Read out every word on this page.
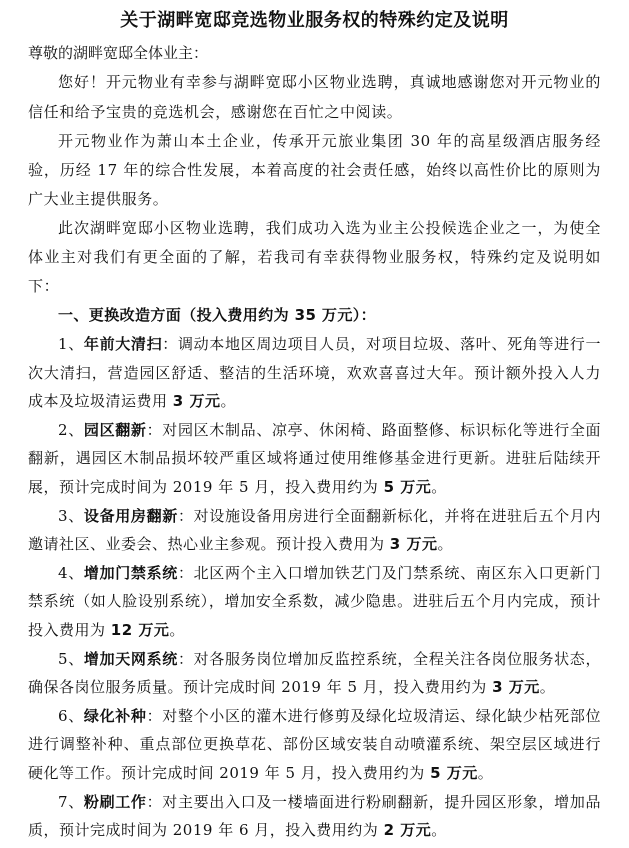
关于湖畔宽邸竞选物业服务权的特殊约定及说明

尊敬的湖畔宽邸全体业主：

您好！开元物业有幸参与湖畔宽邸小区物业选聘，真诚地感谢您对开元物业的信任和给予宝贵的竞选机会，感谢您在百忙之中阅读。

开元物业作为萧山本土企业，传承开元旅业集团 30 年的高星级酒店服务经验，历经 17 年的综合性发展，本着高度的社会责任感，始终以高性价比的原则为广大业主提供服务。

此次湖畔宽邸小区物业选聘，我们成功入选为业主公投候选企业之一，为使全体业主对我们有更全面的了解，若我司有幸获得物业服务权，特殊约定及说明如下：

一、更换改造方面（投入费用约为 35 万元）：

1、年前大清扫：调动本地区周边项目人员，对项目垃圾、落叶、死角等进行一次大清扫，营造园区舒适、整洁的生活环境，欢欢喜喜过大年。预计额外投入人力成本及垃圾清运费用 3 万元。

2、园区翻新：对园区木制品、凉亭、休闲椅、路面整修、标识标化等进行全面翻新，遇园区木制品损坏较严重区域将通过使用维修基金进行更新。进驻后陆续开展，预计完成时间为 2019 年 5 月，投入费用约为 5 万元。

3、设备用房翻新：对设施设备用房进行全面翻新标化，并将在进驻后五个月内邀请社区、业委会、热心业主参观。预计投入费用为 3 万元。

4、增加门禁系统：北区两个主入口增加铁艺门及门禁系统、南区东入口更新门禁系统（如人脸设别系统），增加安全系数，减少隐患。进驻后五个月内完成，预计投入费用为 12 万元。

5、增加天网系统：对各服务岗位增加反监控系统，全程关注各岗位服务状态，确保各岗位服务质量。预计完成时间 2019 年 5 月，投入费用约为 3 万元。

6、绿化补种：对整个小区的灌木进行修剪及绿化垃圾清运、绿化缺少枯死部位进行调整补种、重点部位更换草花、部份区域安装自动喷灌系统、架空层区域进行硬化等工作。预计完成时间 2019 年 5 月，投入费用约为 5 万元。

7、粉刷工作：对主要出入口及一楼墙面进行粉刷翻新，提升园区形象，增加品质，预计完成时间为 2019 年 6 月，投入费用约为 2 万元。
